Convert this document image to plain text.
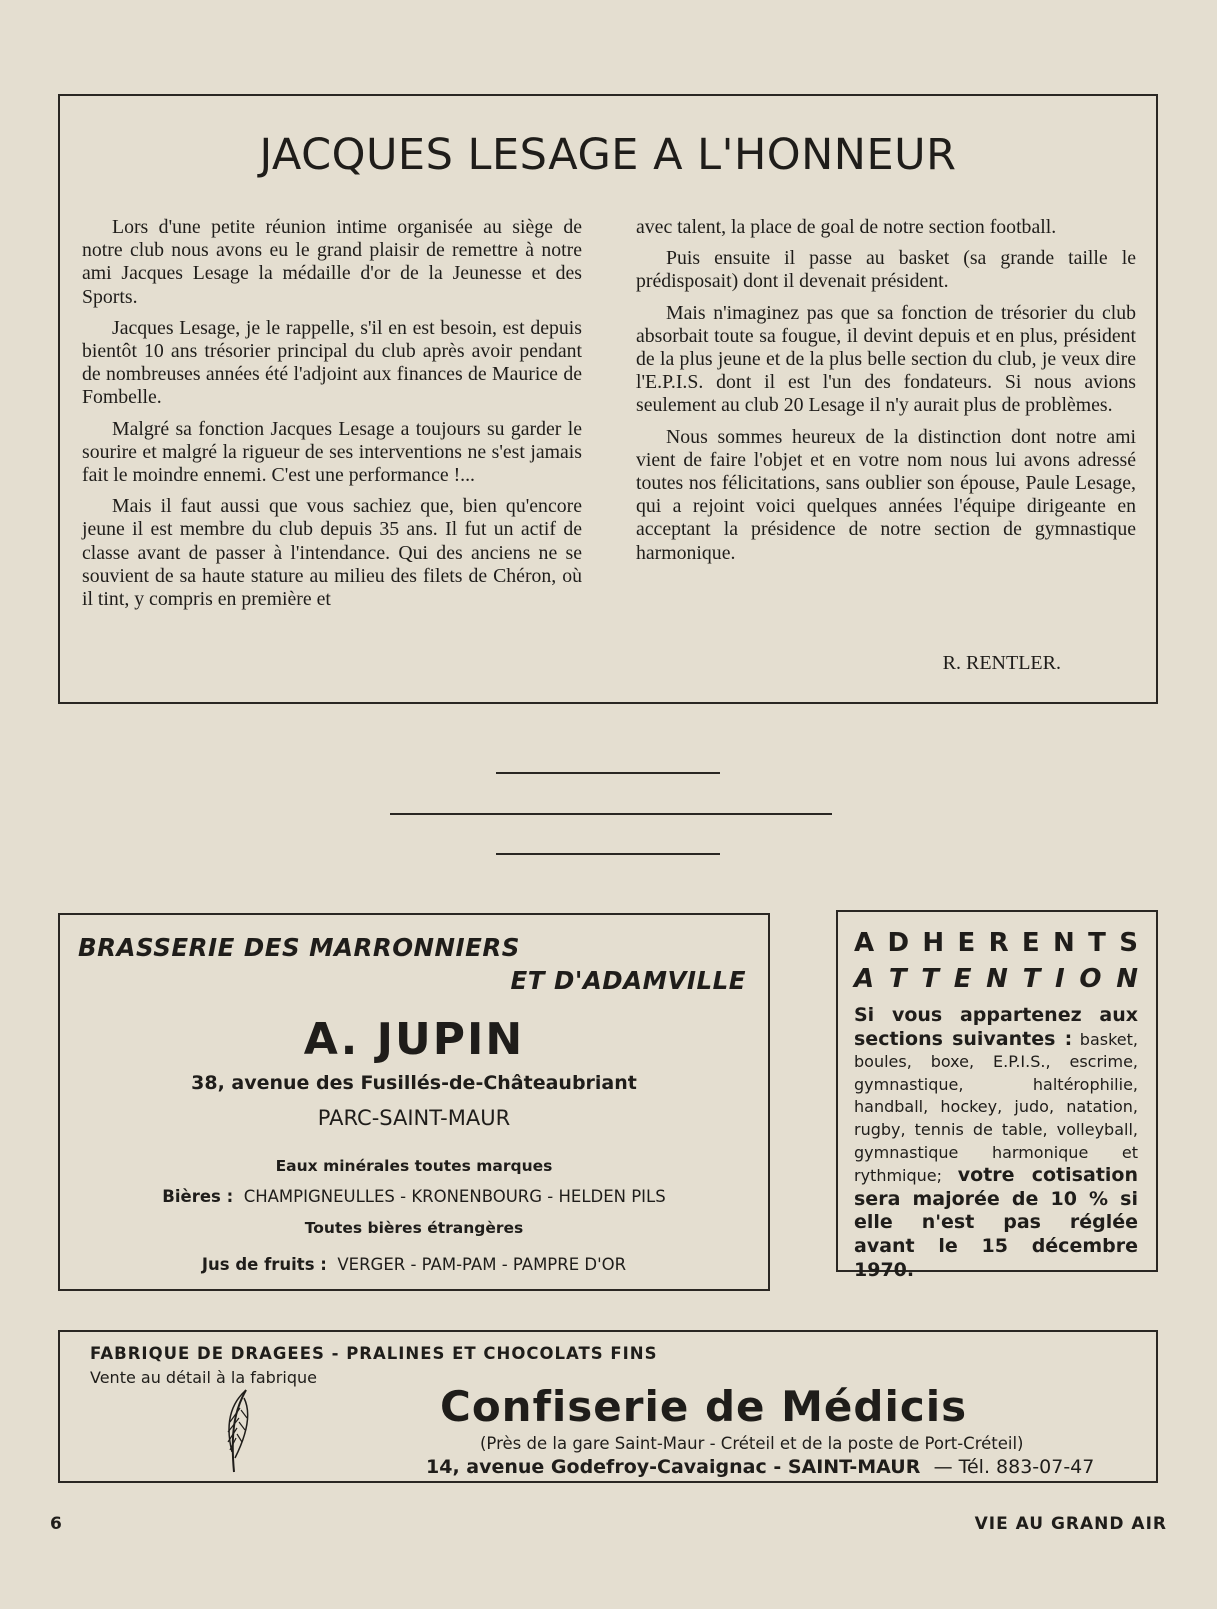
JACQUES LESAGE A L'HONNEUR

Lors d'une petite réunion intime organisée au siège de notre club nous avons eu le grand plaisir de remettre à notre ami Jacques Lesage la médaille d'or de la Jeunesse et des Sports.

Jacques Lesage, je le rappelle, s'il en est besoin, est depuis bientôt 10 ans trésorier principal du club après avoir pendant de nombreuses années été l'adjoint aux finances de Maurice de Fombelle.

Malgré sa fonction Jacques Lesage a toujours su garder le sourire et malgré la rigueur de ses interventions ne s'est jamais fait le moindre ennemi. C'est une performance !...

Mais il faut aussi que vous sachiez que, bien qu'encore jeune il est membre du club depuis 35 ans. Il fut un actif de classe avant de passer à l'intendance. Qui des anciens ne se souvient de sa haute stature au milieu des filets de Chéron, où il tint, y compris en première et

avec talent, la place de goal de notre section football.

Puis ensuite il passe au basket (sa grande taille le prédisposait) dont il devenait président.

Mais n'imaginez pas que sa fonction de trésorier du club absorbait toute sa fougue, il devint depuis et en plus, président de la plus jeune et de la plus belle section du club, je veux dire l'E.P.I.S. dont il est l'un des fondateurs. Si nous avions seulement au club 20 Lesage il n'y aurait plus de problèmes.

Nous sommes heureux de la distinction dont notre ami vient de faire l'objet et en votre nom nous lui avons adressé toutes nos félicitations, sans oublier son épouse, Paule Lesage, qui a rejoint voici quelques années l'équipe dirigeante en acceptant la présidence de notre section de gymnastique harmonique.

R. RENTLER.
BRASSERIE DES MARRONNIERS
ET D'ADAMVILLE
A. JUPIN
38, avenue des Fusillés-de-Châteaubriant
PARC-SAINT-MAUR
Eaux minérales toutes marques
Bières : CHAMPIGNEULLES - KRONENBOURG - HELDEN PILS
Toutes bières étrangères
Jus de fruits : VERGER - PAM-PAM - PAMPRE D'OR
A D H E R E N T S
A T T E N T I O N
Si vous appartenez aux sections suivantes : basket, boules, boxe, E.P.I.S., escrime, gymnastique, haltérophilie, handball, hockey, judo, natation, rugby, tennis de table, volleyball, gymnastique harmonique et rythmique; votre cotisation sera majorée de 10 % si elle n'est pas réglée avant le 15 décembre 1970.
FABRIQUE DE DRAGEES - PRALINES ET CHOCOLATS FINS
Vente au détail à la fabrique
Confiserie de Médicis
(Près de la gare Saint-Maur - Créteil et de la poste de Port-Créteil)
14, avenue Godefroy-Cavaignac - SAINT-MAUR — Tél. 883-07-47
6	VIE AU GRAND AIR
